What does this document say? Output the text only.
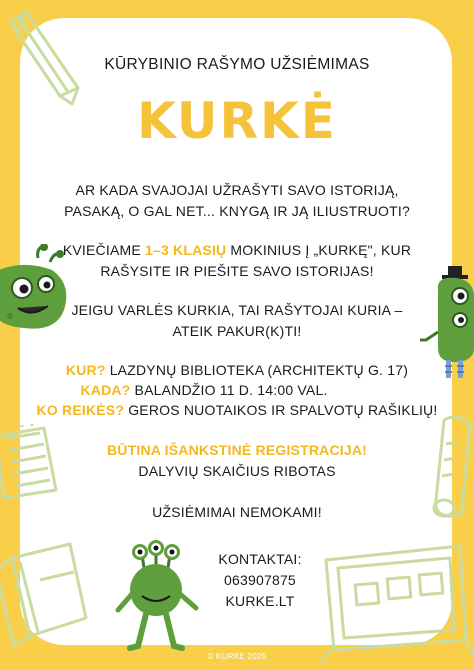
KŪRYBINIO RAŠYMO UŽSIĖMIMAS
KURKĖ
AR KADA SVAJOJAI UŽRAŠYTI SAVO ISTORIJĄ,
PASAKĄ, O GAL NET... KNYGĄ IR JĄ ILIUSTRUOTI?
KVIEČIAME 1–3 KLASIŲ MOKINIUS Į „KURKĘ", KUR
RAŠYSITE IR PIEŠITE SAVO ISTORIJAS!
JEIGU VARLĖS KURKIA, TAI RAŠYTOJAI KURIA –
ATEIK PAKUR(K)TI!
KUR? LAZDYNŲ BIBLIOTEKA (ARCHITEKTŲ G. 17)
KADA? BALANDŽIO 11 D. 14:00 VAL.
KO REIKĖS? GEROS NUOTAIKOS IR SPALVOTŲ RAŠIKLIŲ!
BŪTINA IŠANKSTINĖ REGISTRACIJA!
DALYVIŲ SKAIČIUS RIBOTAS
UŽSIĖMIMAI NEMOKAMI!
KONTAKTAI:
063907875
KURKE.LT
© KURKE 2025
